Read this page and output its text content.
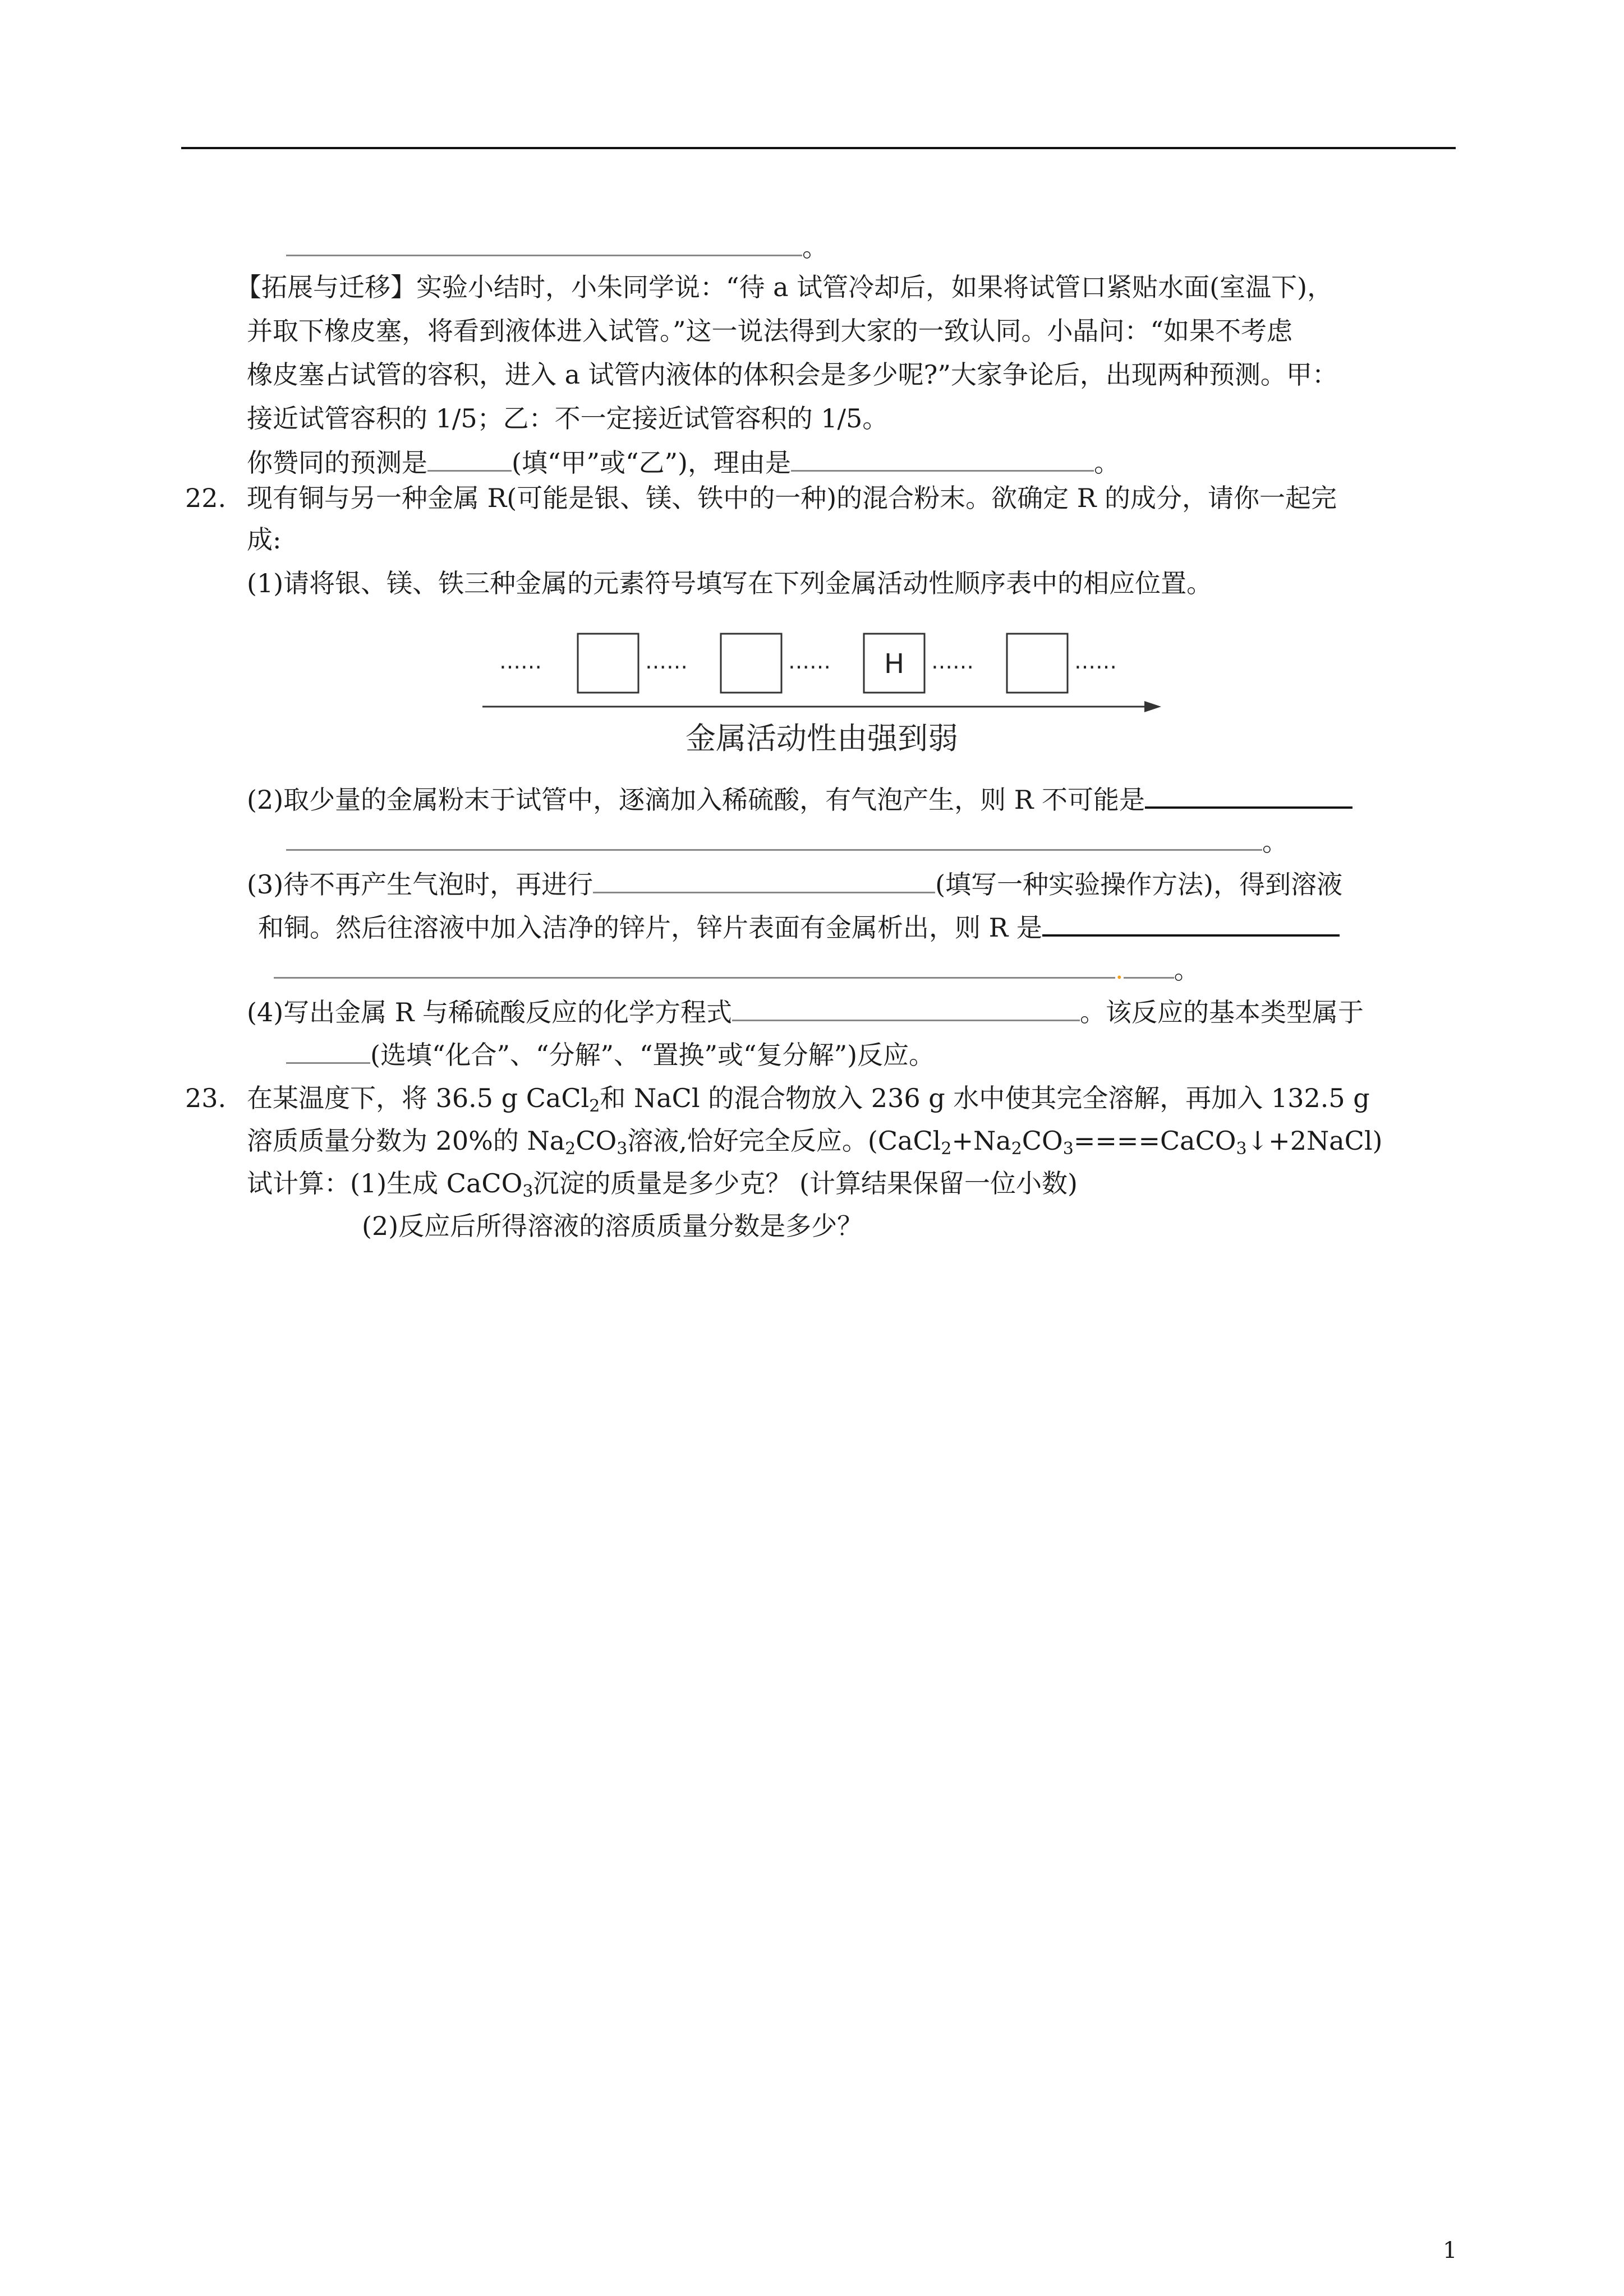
。
【拓展与迁移】实验小结时，小朱同学说：“待 a 试管冷却后，如果将试管口紧贴水面(室温下)，
并取下橡皮塞，将看到液体进入试管。”这一说法得到大家的一致认同。小晶问：“如果不考虑
橡皮塞占试管的容积，进入 a 试管内液体的体积会是多少呢?”大家争论后，出现两种预测。甲：
接近试管容积的 1/5；乙：不一定接近试管容积的 1/5。
你赞同的预测是	(填“甲”或“乙”)，理由是	。
22. 现有铜与另一种金属 R(可能是银、镁、铁中的一种)的混合粉末。欲确定 R 的成分，请你一起完
成:
(1)请将银、镁、铁三种金属的元素符号填写在下列金属活动性顺序表中的相应位置。
……	……	…… H ……	……
金属活动性由强到弱
(2)取少量的金属粉末于试管中，逐滴加入稀硫酸，有气泡产生，则 R 不可能是
。
(3)待不再产生气泡时，再进行	(填写一种实验操作方法)，得到溶液
和铜。然后往溶液中加入洁净的锌片，锌片表面有金属析出，则 R 是
. 。
(4)写出金属 R 与稀硫酸反应的化学方程式	。该反应的基本类型属于
(选填“化合”、“分解”、“置换”或“复分解”)反应。
23. 在某温度下，将 36.5 g CaCl$_2$和 NaCl 的混合物放入 236 g 水中使其完全溶解，再加入 132.5 g
溶质质量分数为 20%的 $Na_2CO_3$溶液,恰好完全反应。$(CaCl_2+Na_2CO_3====CaCO_3↓+2NaCl)$
试计算：(1)生成 CaCO$_3$沉淀的质量是多少克？ (计算结果保留一位小数)
(2)反应后所得溶液的溶质质量分数是多少？
1
